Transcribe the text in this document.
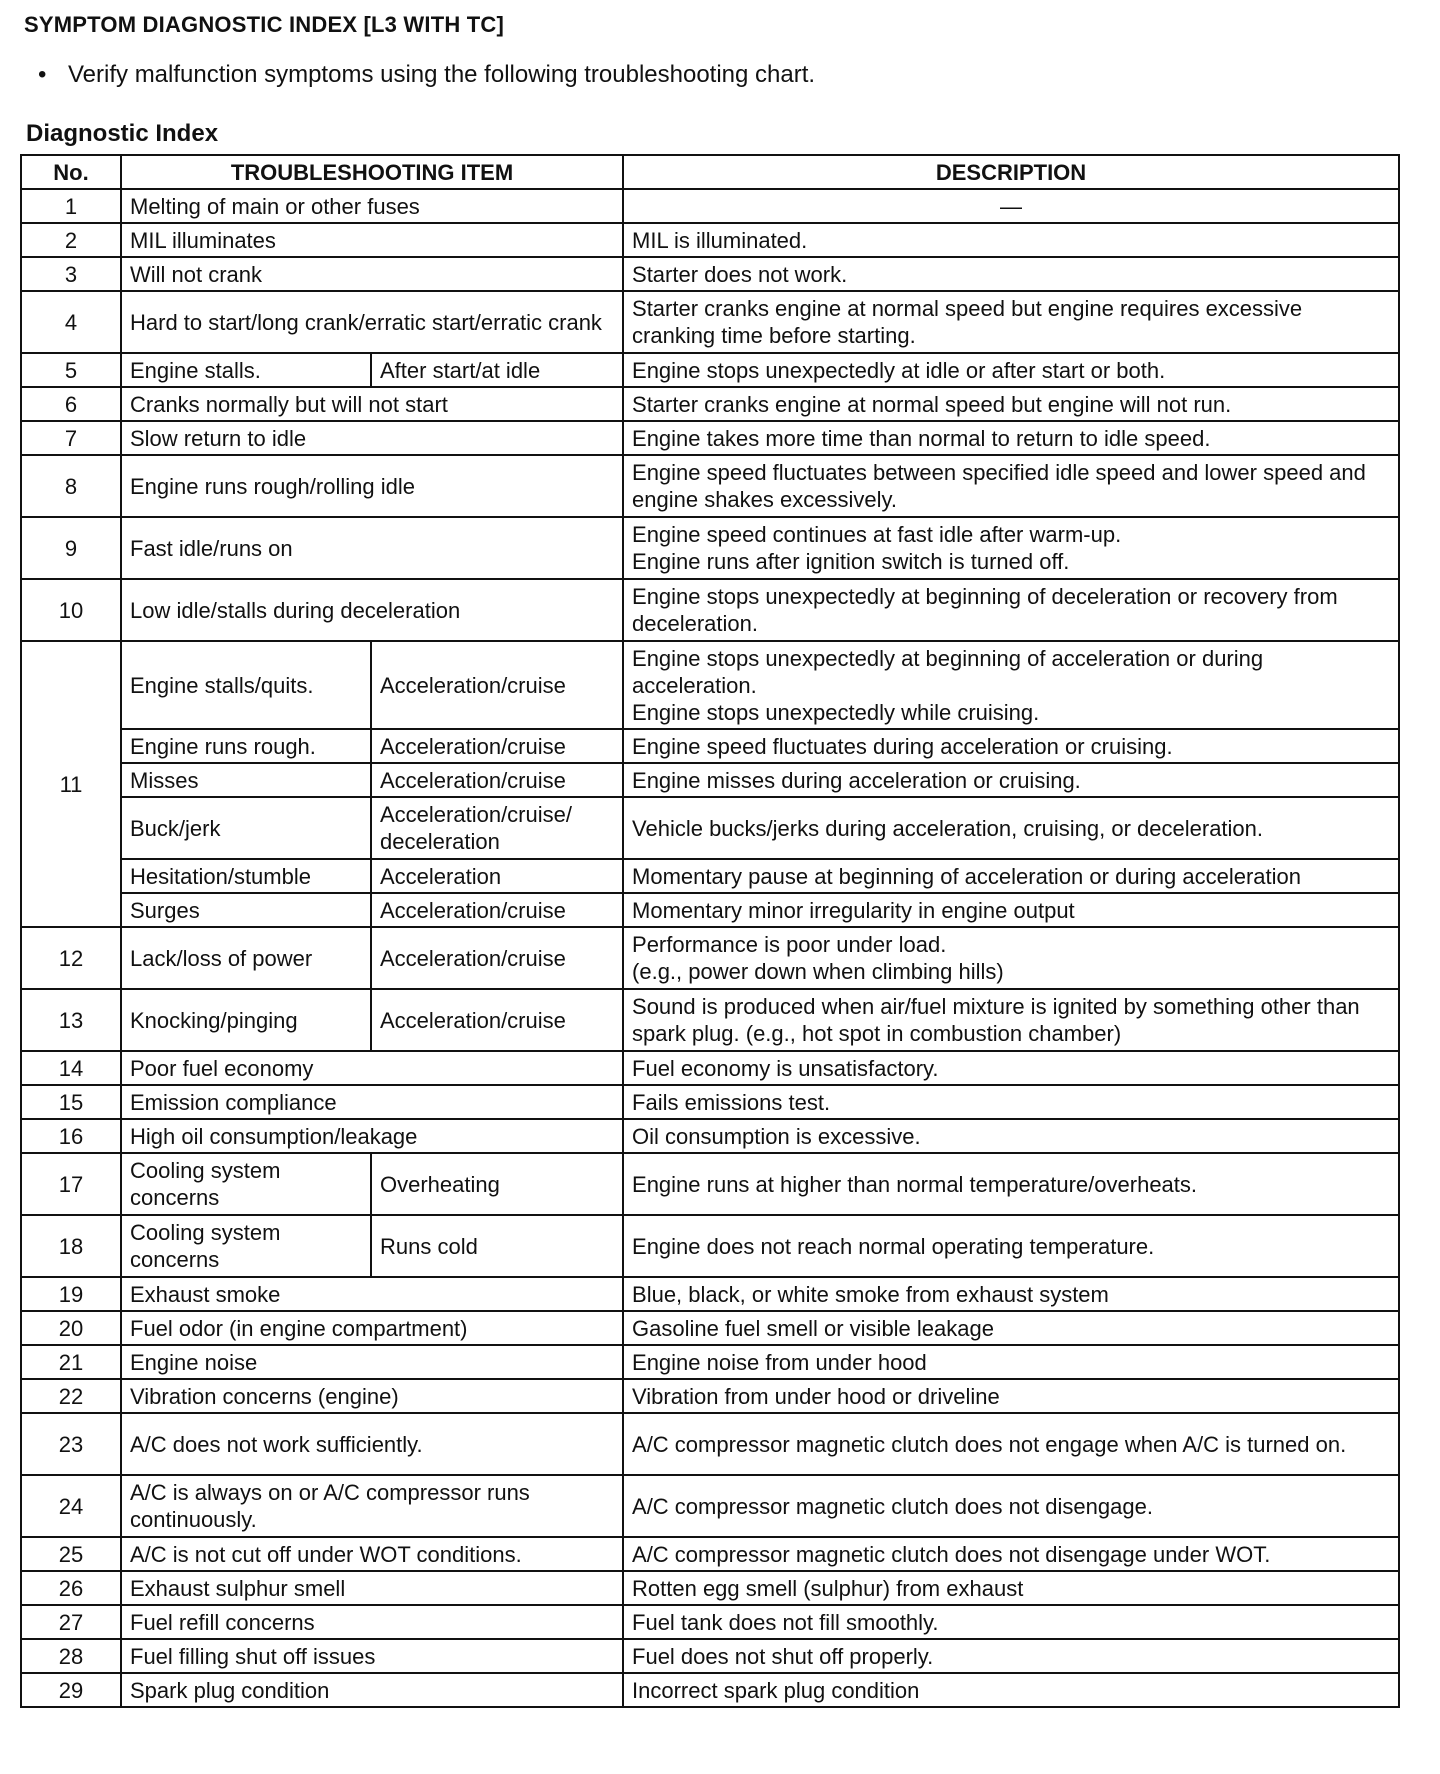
SYMPTOM DIAGNOSTIC INDEX [L3 WITH TC]
• Verify malfunction symptoms using the following troubleshooting chart.
Diagnostic Index
No.	TROUBLESHOOTING ITEM		DESCRIPTION
1	Melting of main or other fuses		—
2	MIL illuminates		MIL is illuminated.
3	Will not crank		Starter does not work.
4	Hard to start/long crank/erratic start/erratic crank		Starter cranks engine at normal speed but engine requires excessive cranking time before starting.
5	Engine stalls.	After start/at idle	Engine stops unexpectedly at idle or after start or both.
6	Cranks normally but will not start		Starter cranks engine at normal speed but engine will not run.
7	Slow return to idle		Engine takes more time than normal to return to idle speed.
8	Engine runs rough/rolling idle		Engine speed fluctuates between specified idle speed and lower speed and engine shakes excessively.
9	Fast idle/runs on		Engine speed continues at fast idle after warm-up.
Engine runs after ignition switch is turned off.

10	Low idle/stalls during deceleration		Engine stops unexpectedly at beginning of deceleration or recovery from deceleration.
11	Engine stalls/quits.	Acceleration/cruise	Engine stops unexpectedly at beginning of acceleration or during acceleration.
Engine stops unexpectedly while cruising.

	Engine runs rough.	Acceleration/cruise	Engine speed fluctuates during acceleration or cruising.
	Misses	Acceleration/cruise	Engine misses during acceleration or cruising.
	Buck/jerk	Acceleration/cruise/ deceleration	Vehicle bucks/jerks during acceleration, cruising, or deceleration.
	Hesitation/stumble	Acceleration	Momentary pause at beginning of acceleration or during acceleration
	Surges	Acceleration/cruise	Momentary minor irregularity in engine output
12	Lack/loss of power	Acceleration/cruise	Performance is poor under load.
(e.g., power down when climbing hills)

13	Knocking/pinging	Acceleration/cruise	Sound is produced when air/fuel mixture is ignited by something other than spark plug. (e.g., hot spot in combustion chamber)
14	Poor fuel economy		Fuel economy is unsatisfactory.
15	Emission compliance		Fails emissions test.
16	High oil consumption/leakage		Oil consumption is excessive.
17	Cooling system concerns	Overheating	Engine runs at higher than normal temperature/overheats.
18	Cooling system concerns	Runs cold	Engine does not reach normal operating temperature.
19	Exhaust smoke		Blue, black, or white smoke from exhaust system
20	Fuel odor (in engine compartment)		Gasoline fuel smell or visible leakage
21	Engine noise		Engine noise from under hood
22	Vibration concerns (engine)		Vibration from under hood or driveline
23	A/C does not work sufficiently.		A/C compressor magnetic clutch does not engage when A/C is turned on.
24	A/C is always on or A/C compressor runs continuously.		A/C compressor magnetic clutch does not disengage.
25	A/C is not cut off under WOT conditions.		A/C compressor magnetic clutch does not disengage under WOT.
26	Exhaust sulphur smell		Rotten egg smell (sulphur) from exhaust
27	Fuel refill concerns		Fuel tank does not fill smoothly.
28	Fuel filling shut off issues		Fuel does not shut off properly.
29	Spark plug condition		Incorrect spark plug condition
